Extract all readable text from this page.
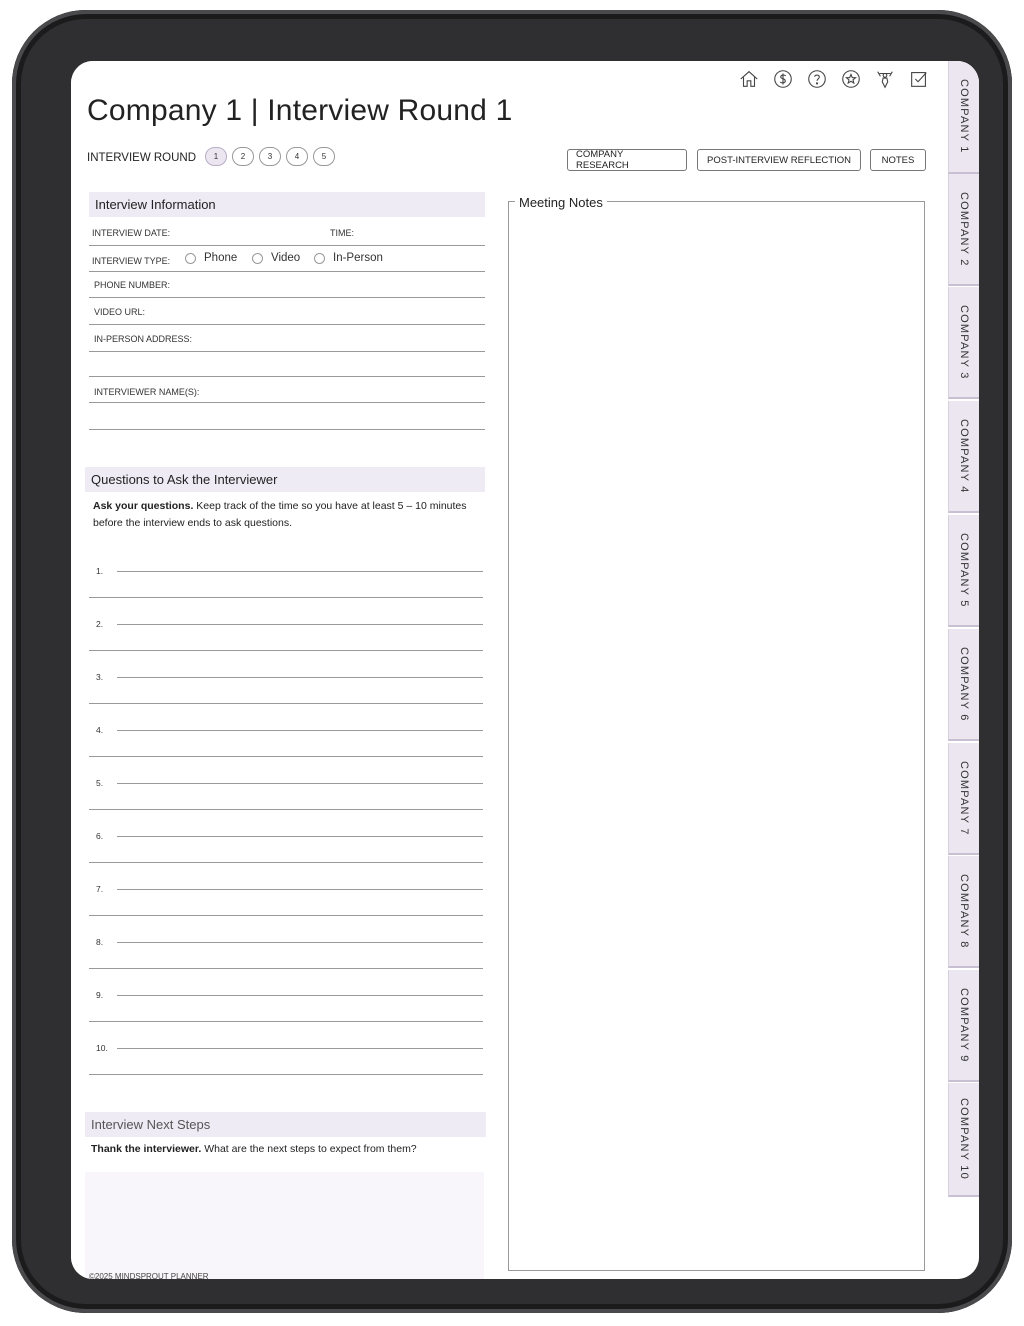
Company 1 | Interview Round 1
INTERVIEW ROUND	1	2	3	4	5	COMPANY RESEARCH	POST-INTERVIEW REFLECTION	NOTES
Interview Information
INTERVIEW DATE:	TIME:
INTERVIEW TYPE:	Phone	Video	In-Person
PHONE NUMBER:
VIDEO URL:
IN-PERSON ADDRESS:
INTERVIEWER NAME(S):
Questions to Ask the Interviewer
Ask your questions. Keep track of the time so you have at least 5 – 10 minutes before the interview ends to ask questions.
1.
2.
3.
4.
5.
6.
7.
8.
9.
10.
Interview Next Steps
Thank the interviewer. What are the next steps to expect from them?
Meeting Notes
©2025 MINDSPROUT PLANNER
COMPANY 1
COMPANY 2
COMPANY 3
COMPANY 4
COMPANY 5
COMPANY 6
COMPANY 7
COMPANY 8
COMPANY 9
COMPANY 10
